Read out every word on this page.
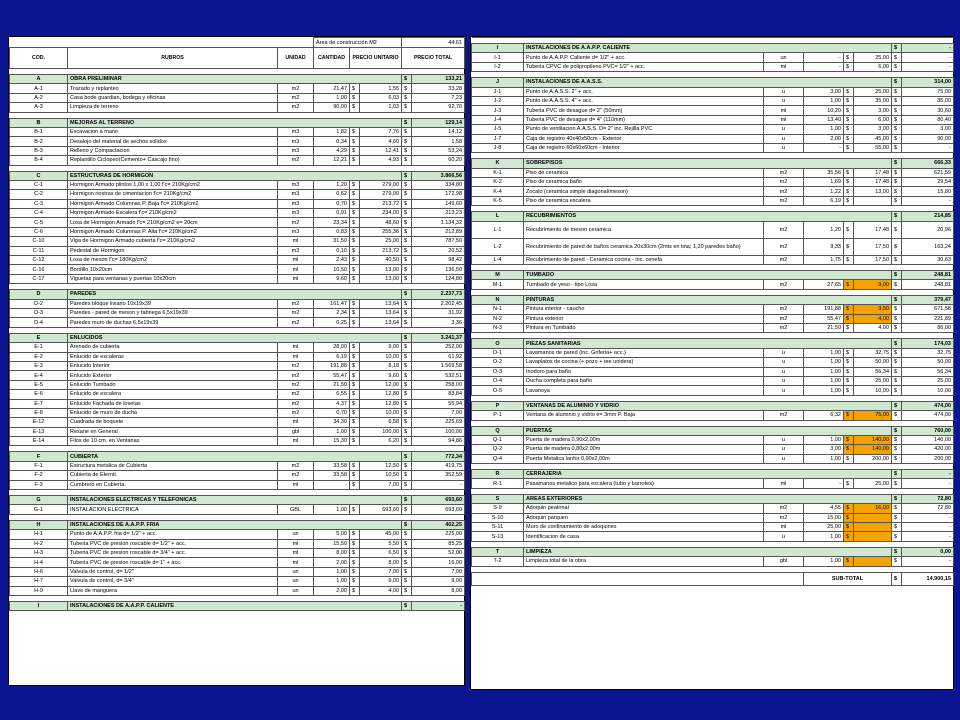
			Área de construcción M2			44.61	
COD.	RUBROS	UNIDAD	CANTIDAD	PRECIO UNITARIO		PRECIO TOTAL	

A	OBRA PRELIMINAR					$	133,21
A-1	Trazado y replanteo	m2	21,47	$	1,55	$	33,28
A-2	Casa bode guardian, bodega y oficinas	m2	1,00	$	6,03	$	7,23
A-3	Limpieza de terreno	m2	90,00	$	1,03	$	92,70

B	MEJORAS AL TERRENO					$	129,14
B-1	Excavacion a mano	m3	1,82	$	7,76	$	14,12
B-2	Desalojo del material de sechos solidos	m3	0,34	$	4,60	$	1,58
B-3	Relleno y Compactacion	m3	4,29	$	12,41	$	53,24
B-4	Replantillo Ciclopeo(Cemento+ Cascajo fino)	m2	12,21	$	4,93	$	60,20

C	ESTRUCTURAS DE HORMIGON					$	3.866,56
C-1	Hormigon Armado plintos 1,00 x 1,00 f'c= 210Kg/cm2	m3	1,20	$	279,00	$	334,80
C-2	Hormigon riostras de cimentacion f'c= 210Kg/cm2	m3	0,62	$	279,00	$	172,98
C-3	Hormigon Armado Columnas P. Baja f'c= 210Kg/cm2	m3	0,70	$	213,72	$	149,60
C-4	Hormigon Armado Escalera f'c= 210Kg/cm2	m3	0,91	$	234,00	$	213,23
C-5	Losa de Hormigon Armado f'c= 210Kg/cm2 e= 20cm	m2	23,34	$	48,60	$	1.134,32
C-6	Hormigon Armado Columnas P. Alta f'c= 210Kg/cm2	m3	0,83	$	255,36	$	212,89
C-10	Viga de Hormigon Armado cubierta f'c= 210Kg/cm2	ml	31,50	$	25,00	$	787,50
C-11	Pedestal de Hormigon	m3	0,10	$	213,72	$	20,52
C-12	Losa de meson f'c= 180Kg/cm2	ml	2,43	$	40,50	$	98,42
C-16	Bordillo 10x20cm	ml	10,50	$	13,00	$	136,50
C-17	Viguetas para ventanas y puertas 10x20cm	ml	9,60	$	13,00	$	124,80

D	PAREDES					$	2.237,73
D-2	Paredes bloque liviano 10x19x39	m2	161,47	$	13,64	$	2.202,45
D-3	Paredes - pared de meson y fabriega 6,5x19x39	m2	2,34	$	13,64	$	31,92
D-4	Paredes muro de duchas 6,5x19x39	m2	0,25	$	13,64	$	3,36

E	ENLUCIDOS					$	3.241,37
E-1	Arenado de cubierta	ml	28,00	$	9,00	$	252,00
E-2	Enlucido de escaleras	ml	6,19	$	10,00	$	61,92
E-3	Enlucido Interior	m2	191,88	$	8,18	$	1.569,58
E-4	Enlucido Exterior	m2	55,47	$	9,60	$	532,51
E-5	Enlucido Tumbado	m2	21,50	$	12,00	$	258,00
E-6	Enlucido de escalera	m2	6,55	$	12,80	$	83,84
E-7	Enlucido Fachada de losetas	m2	4,37	$	12,80	$	55,94
E-8	Enlucido de muro de ducha	m2	0,70	$	10,00	$	7,00
E-12	Cuadrada de boquete	ml	34,30	$	6,58	$	225,69
E-13	Resane en General	gbl	1,00	$	100,00	$	100,00
E-14	Filos de 10 cm. en Ventanas	ml	15,30	$	6,20	$	94,86

F	CUBIERTA					$	772,34
F-1	Estructura metalica de Cubierta	m2	33,58	$	12,50	$	419,75
F-2	Cubierta de Eternit	m2	33,58	$	10,50	$	352,59
F-3	Cumbrero en Cubierta	ml	-	$	7,00	$	-

G	INSTALACIONES ELECTRICAS Y TELEFONICAS					$	693,60
G-1	INSTALACION ELECTRICA	GBL	1,00	$	693,60	$	693,60

H	INSTALACIONES DE A.A.P.P. FRIA					$	402,25
H-1	Punto de A.A.P.P. fria d= 1/2" + acc.	un	5,00	$	45,00	$	225,00
H-2	Tuberia PVC de presion roscable d= 1/2" + acc.	ml	15,50	$	5,50	$	85,25
H-3	Tuberia PVC de presion roscable d= 3/4" + acc.	ml	8,00	$	6,50	$	52,00
H-4	Tuberia PVC de presion roscable d= 1" + acc.	ml	2,00	$	8,00	$	16,00
H-6	Valvula de control, d= 1/2"	un	1,00	$	7,00	$	7,00
H-7	Valvula de control, d= 3/4"	un	1,00	$	9,00	$	9,00
H-9	Llave de manguera	un	2,00	$	4,00	$	8,00

I	INSTALACIONES DE A.A.P.P. CALIENTE					$	-

I	INSTALACIONES DE A.A.P.P. CALIENTE					$	-
I-1	Punto de A.A.P.P. Caliente d= 1/2" + acc.	un	-	$	25,00	$	-
I-2	Tuberia CPVC de polipropileno PVC= 1/2" + acc.	ml	-	$	6,00	$	-

J	INSTALACIONES DE A.A.S.S.					$	314,00
J-1	Punto de A.A.S.S. 2" + acc.	u	3,00	$	25,00	$	75,00
J-2	Punto de A.A.S.S. 4" + acc.	u	1,00	$	35,00	$	35,00
J-3	Tuberia PVC de desague d= 2" (50mm)	ml	10,20	$	3,00	$	30,60
J-4	Tuberia PVC de desague d= 4" (110mm)	ml	13,40	$	6,00	$	80,40
J-5	Punto de ventilacion A.A.S.S. D= 2" inc. Rejilla PVC	u	1,00	$	3,00	$	3,00
J-7	Caja de registro 40x40x50cm - Exterior	u	2,00	$	45,00	$	90,00
J-8	Caja de registro 60x60x60cm - Interior	u	-	$	55,00	$	-

K	SOBREPISOS					$	666,33
K-1	Piso de ceramica	m2	35,56	$	17,48	$	621,59
K-2	Piso de ceramica baño	m2	1,69	$	17,48	$	29,54
K-4	Zocalo (ceramica simple diagonal/meson)	m2	1,22	$	13,00	$	15,80
K-5	Piso de ceramica escalera	m2	6,19	$		$	-

L	RECUBRIMIENTOS					$	214,85
L-1	Recubrimiento de meson ceramica	m2	1,20	$	17,48	$	20,96
L-2	Recubrimiento de pared de baños ceramica 20x30cm (2mts en tina; 1,20 paredes baño)	m2	9,33	$	17,50	$	163,24
L-4	Recubrimiento de pared - Ceramica cocina - inc. cenefa	m2	1,75	$	17,50	$	30,63

M	TUMBADO					$	248,81
M-1	Tumbado de yeso - tipo Losa	m2	27,65	$	9,00	$	248,81

N	PINTURAS					$	379,47
N-1	Pintura interior - caucho	m2	191,88	$	3,50	$	671,58
N-2	Pintura exterior	m2	55,47	$	4,00	$	221,89
N-3	Pintura en Tumbado	m2	21,50	$	4,00	$	86,00

O	PIEZAS SANITARIAS					$	174,03
O-1	Lavamanos de pared (inc. Griferia+ acc.)	u	1,00	$	32,75	$	32,75
O-2	Lavaplatos de cocina (+ pozo + tee unidera)	u	1,00	$	50,00	$	50,00
O-3	Inodoro para baño	u	1,00	$	56,34	$	56,34
O-4	Ducha completa para baño	u	1,00	$	25,00	$	25,00
O-5	Lavanoya	u	1,00	$	10,00	$	10,00

P	VENTANAS DE ALUMINIO Y VIDRIO					$	474,00
P-1	Ventana de aluminio y vidrio e= 3mm P. Baja	m2	6,32	$	75,00	$	474,00

Q	PUERTAS					$	760,00
Q-1	Puerta de madera 0,90x2,00m	u	1,00	$	140,00	$	140,00
Q-2	Puerta de madera 0,80x2,00m	u	3,00	$	140,00	$	420,00
Q-4	Puerta Metalica lanfor 0,90x2,00m	u	1,00	$	200,00	$	200,00

R	CERRAJERIA					$	-
R-1	Pasamanos metalico para escalera (tubo y barrotes)	ml	-	$	25,00	$	-

S	AREAS EXTERIORES					$	72,80
S-9	Adoquin peatonal	m2	4,55	$	16,00	$	72,80
S-10	Adoquin parqueo	m2	15,00	$		$	-
S-11	Muro de confinamiento de adoquines	ml	25,00	$		$	-
S-13	Identificacion de casa	u	1,00	$		$	-

T	LIMPIEZA					$	0,00
T-2	Limpieza total de la obra	gbl	1,00	$		$	-

			SUB-TOTAL			$	14.900,15
